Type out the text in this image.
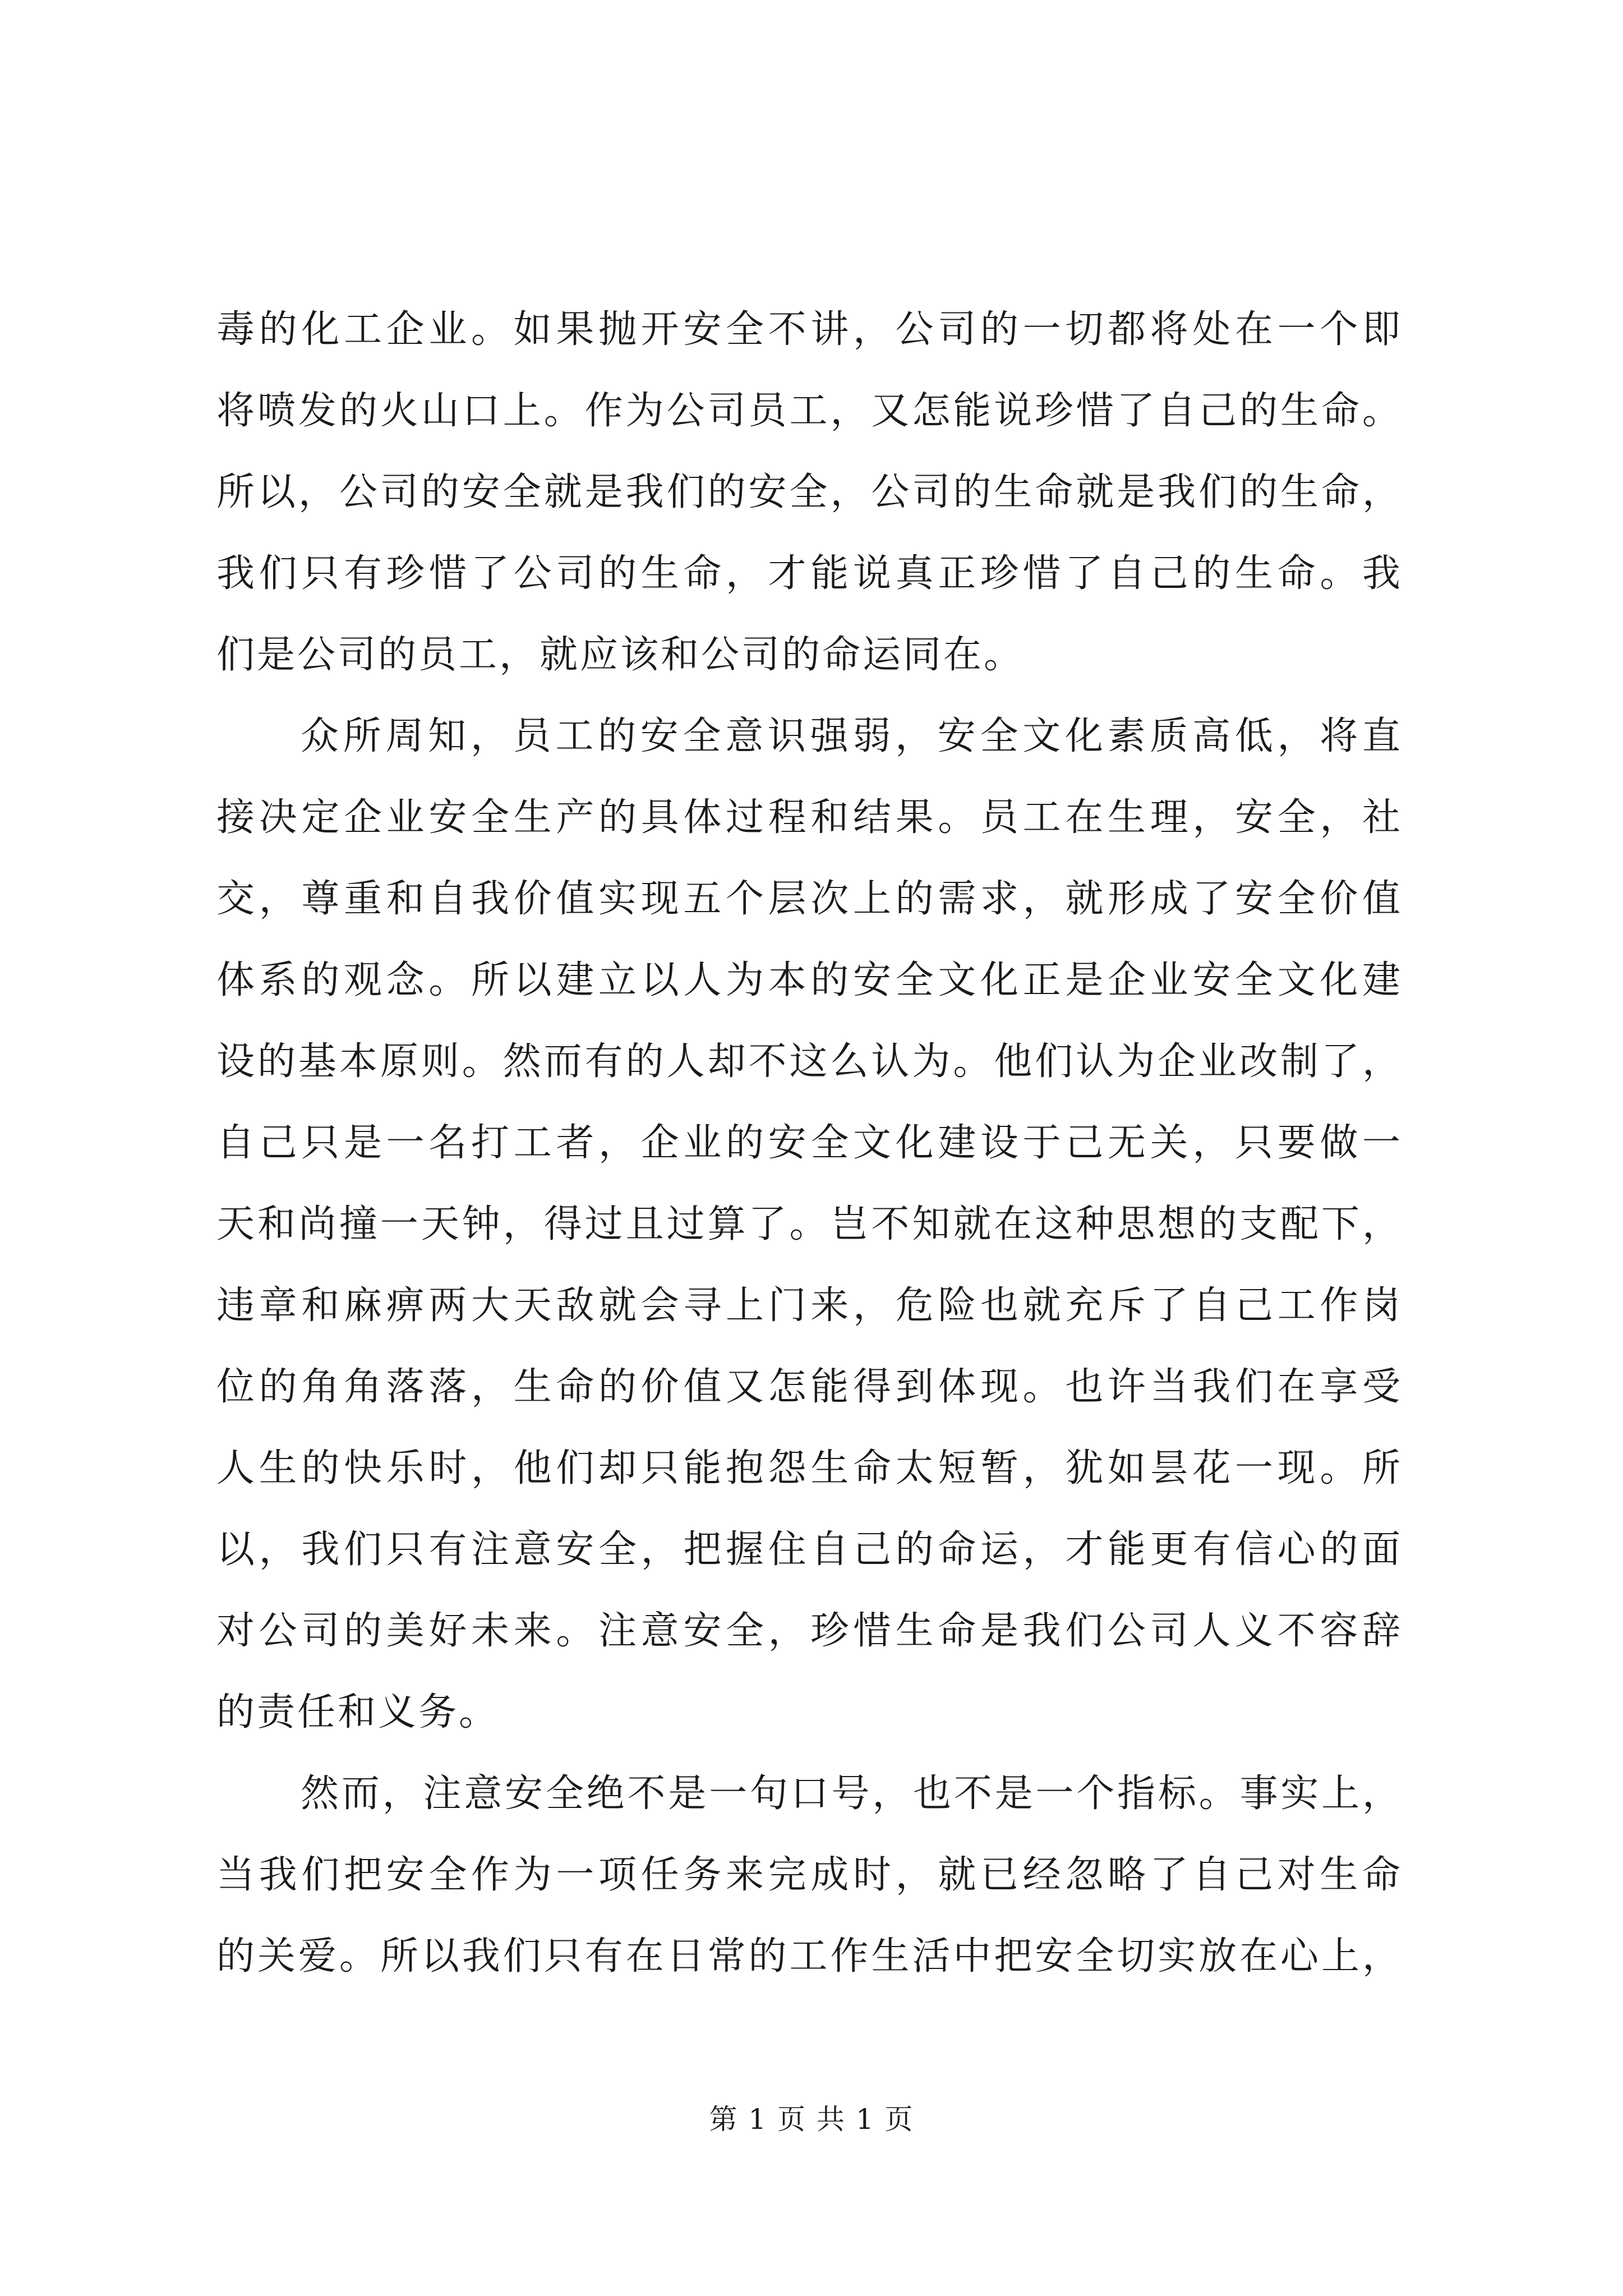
毒的化工企业。如果抛开安全不讲，公司的一切都将处在一个即
将喷发的火山口上。作为公司员工，又怎能说珍惜了自己的生命。
所以，公司的安全就是我们的安全，公司的生命就是我们的生命，
我们只有珍惜了公司的生命，才能说真正珍惜了自己的生命。我
们是公司的员工，就应该和公司的命运同在。
众所周知，员工的安全意识强弱，安全文化素质高低，将直
接决定企业安全生产的具体过程和结果。员工在生理，安全，社
交，尊重和自我价值实现五个层次上的需求，就形成了安全价值
体系的观念。所以建立以人为本的安全文化正是企业安全文化建
设的基本原则。然而有的人却不这么认为。他们认为企业改制了，
自己只是一名打工者，企业的安全文化建设于己无关，只要做一
天和尚撞一天钟，得过且过算了。岂不知就在这种思想的支配下，
违章和麻痹两大天敌就会寻上门来，危险也就充斥了自己工作岗
位的角角落落，生命的价值又怎能得到体现。也许当我们在享受
人生的快乐时，他们却只能抱怨生命太短暂，犹如昙花一现。所
以，我们只有注意安全，把握住自己的命运，才能更有信心的面
对公司的美好未来。注意安全，珍惜生命是我们公司人义不容辞
的责任和义务。
然而，注意安全绝不是一句口号，也不是一个指标。事实上，
当我们把安全作为一项任务来完成时，就已经忽略了自己对生命
的关爱。所以我们只有在日常的工作生活中把安全切实放在心上，
第 1 页 共 1 页
